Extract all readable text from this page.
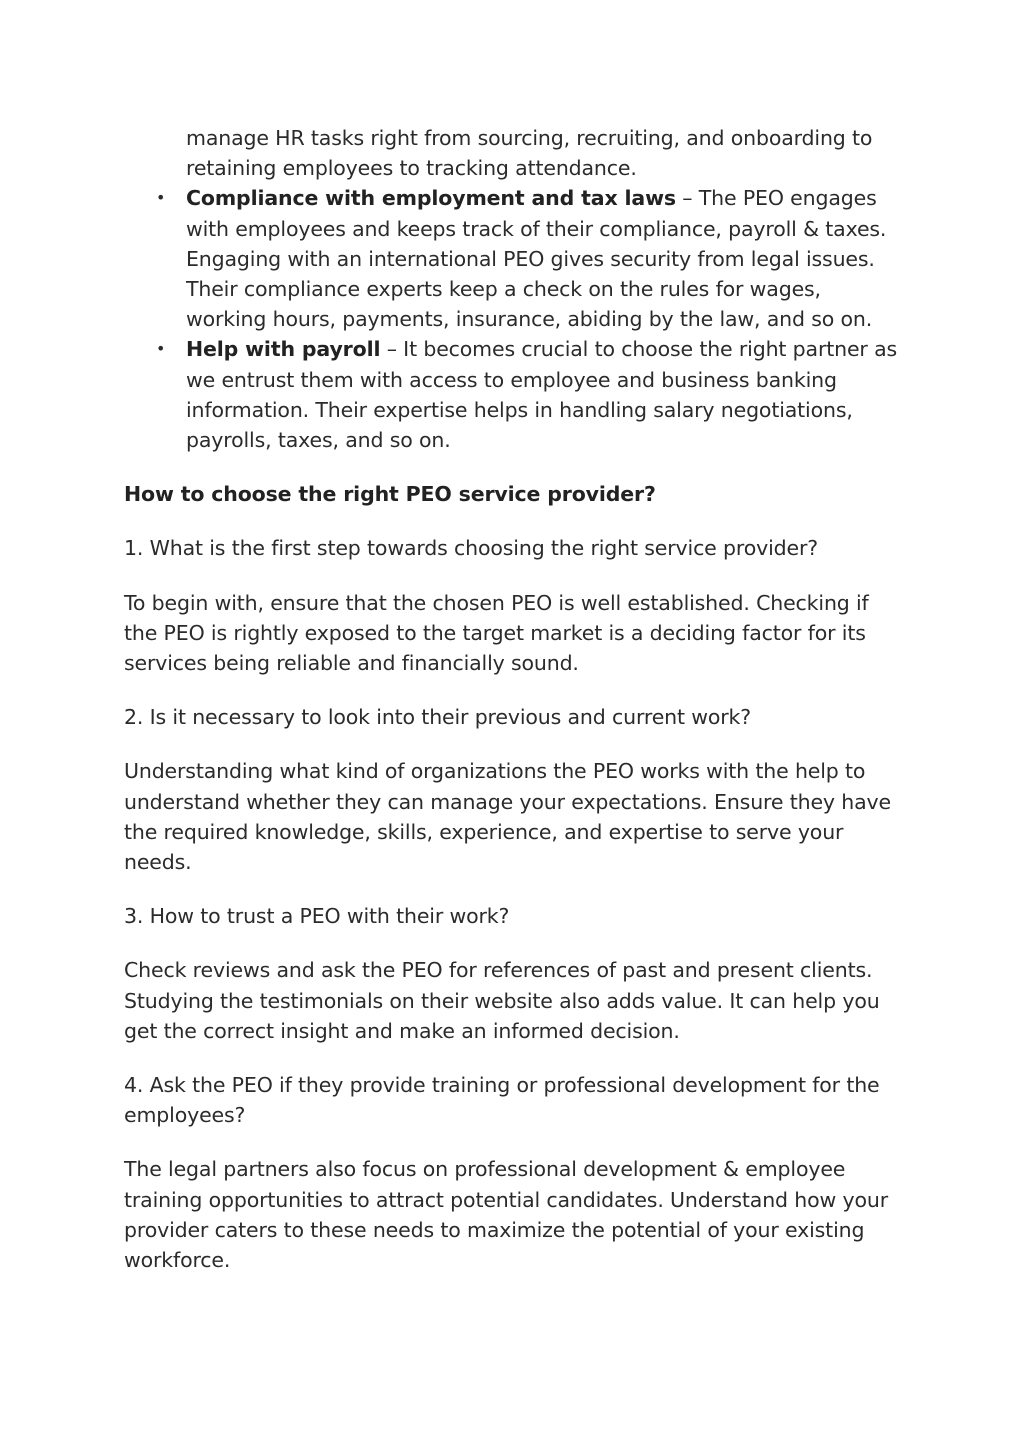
manage HR tasks right from sourcing, recruiting, and onboarding to retaining employees to tracking attendance.

• Compliance with employment and tax laws – The PEO engages with employees and keeps track of their compliance, payroll & taxes. Engaging with an international PEO gives security from legal issues. Their compliance experts keep a check on the rules for wages, working hours, payments, insurance, abiding by the law, and so on.
• Help with payroll – It becomes crucial to choose the right partner as we entrust them with access to employee and business banking information. Their expertise helps in handling salary negotiations, payrolls, taxes, and so on.
How to choose the right PEO service provider?

1. What is the first step towards choosing the right service provider?

To begin with, ensure that the chosen PEO is well established. Checking if the PEO is rightly exposed to the target market is a deciding factor for its services being reliable and financially sound.

2. Is it necessary to look into their previous and current work?

Understanding what kind of organizations the PEO works with the help to understand whether they can manage your expectations. Ensure they have the required knowledge, skills, experience, and expertise to serve your needs.

3. How to trust a PEO with their work?

Check reviews and ask the PEO for references of past and present clients. Studying the testimonials on their website also adds value. It can help you get the correct insight and make an informed decision.

4. Ask the PEO if they provide training or professional development for the employees?

The legal partners also focus on professional development & employee training opportunities to attract potential candidates. Understand how your provider caters to these needs to maximize the potential of your existing workforce.
